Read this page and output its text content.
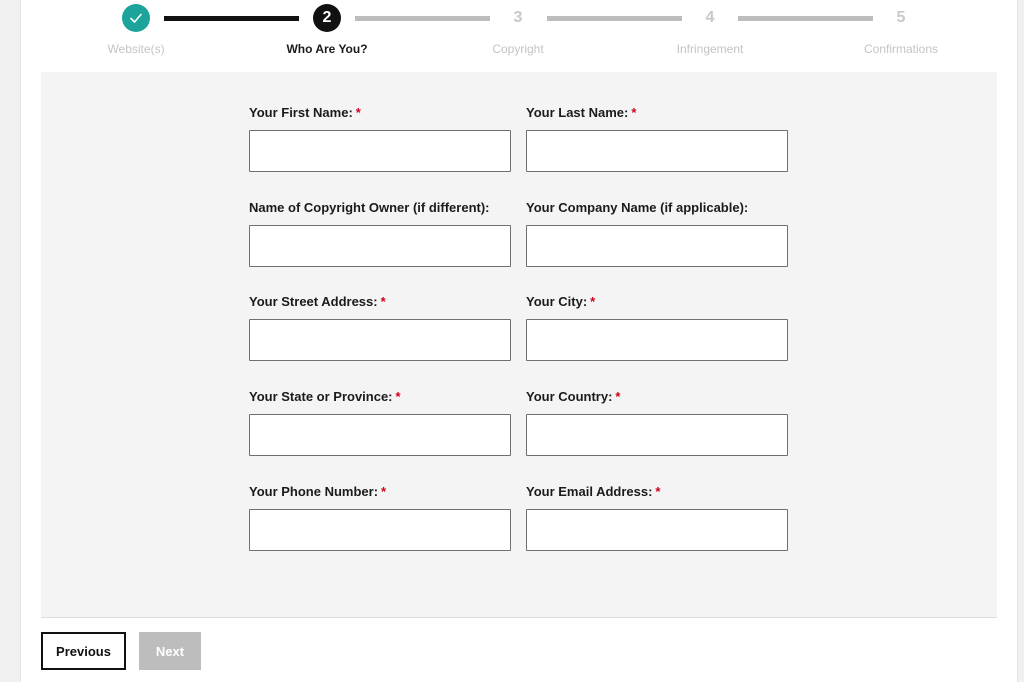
2	3	4	5
Website(s)	Who Are You?	Copyright	Infringement	Confirmations
Your First Name: *	Your Last Name: *
Name of Copyright Owner (if different):	Your Company Name (if applicable):
Your Street Address: *	Your City: *
Your State or Province: *	Your Country: *
Your Phone Number: *	Your Email Address: *
Previous	Next
